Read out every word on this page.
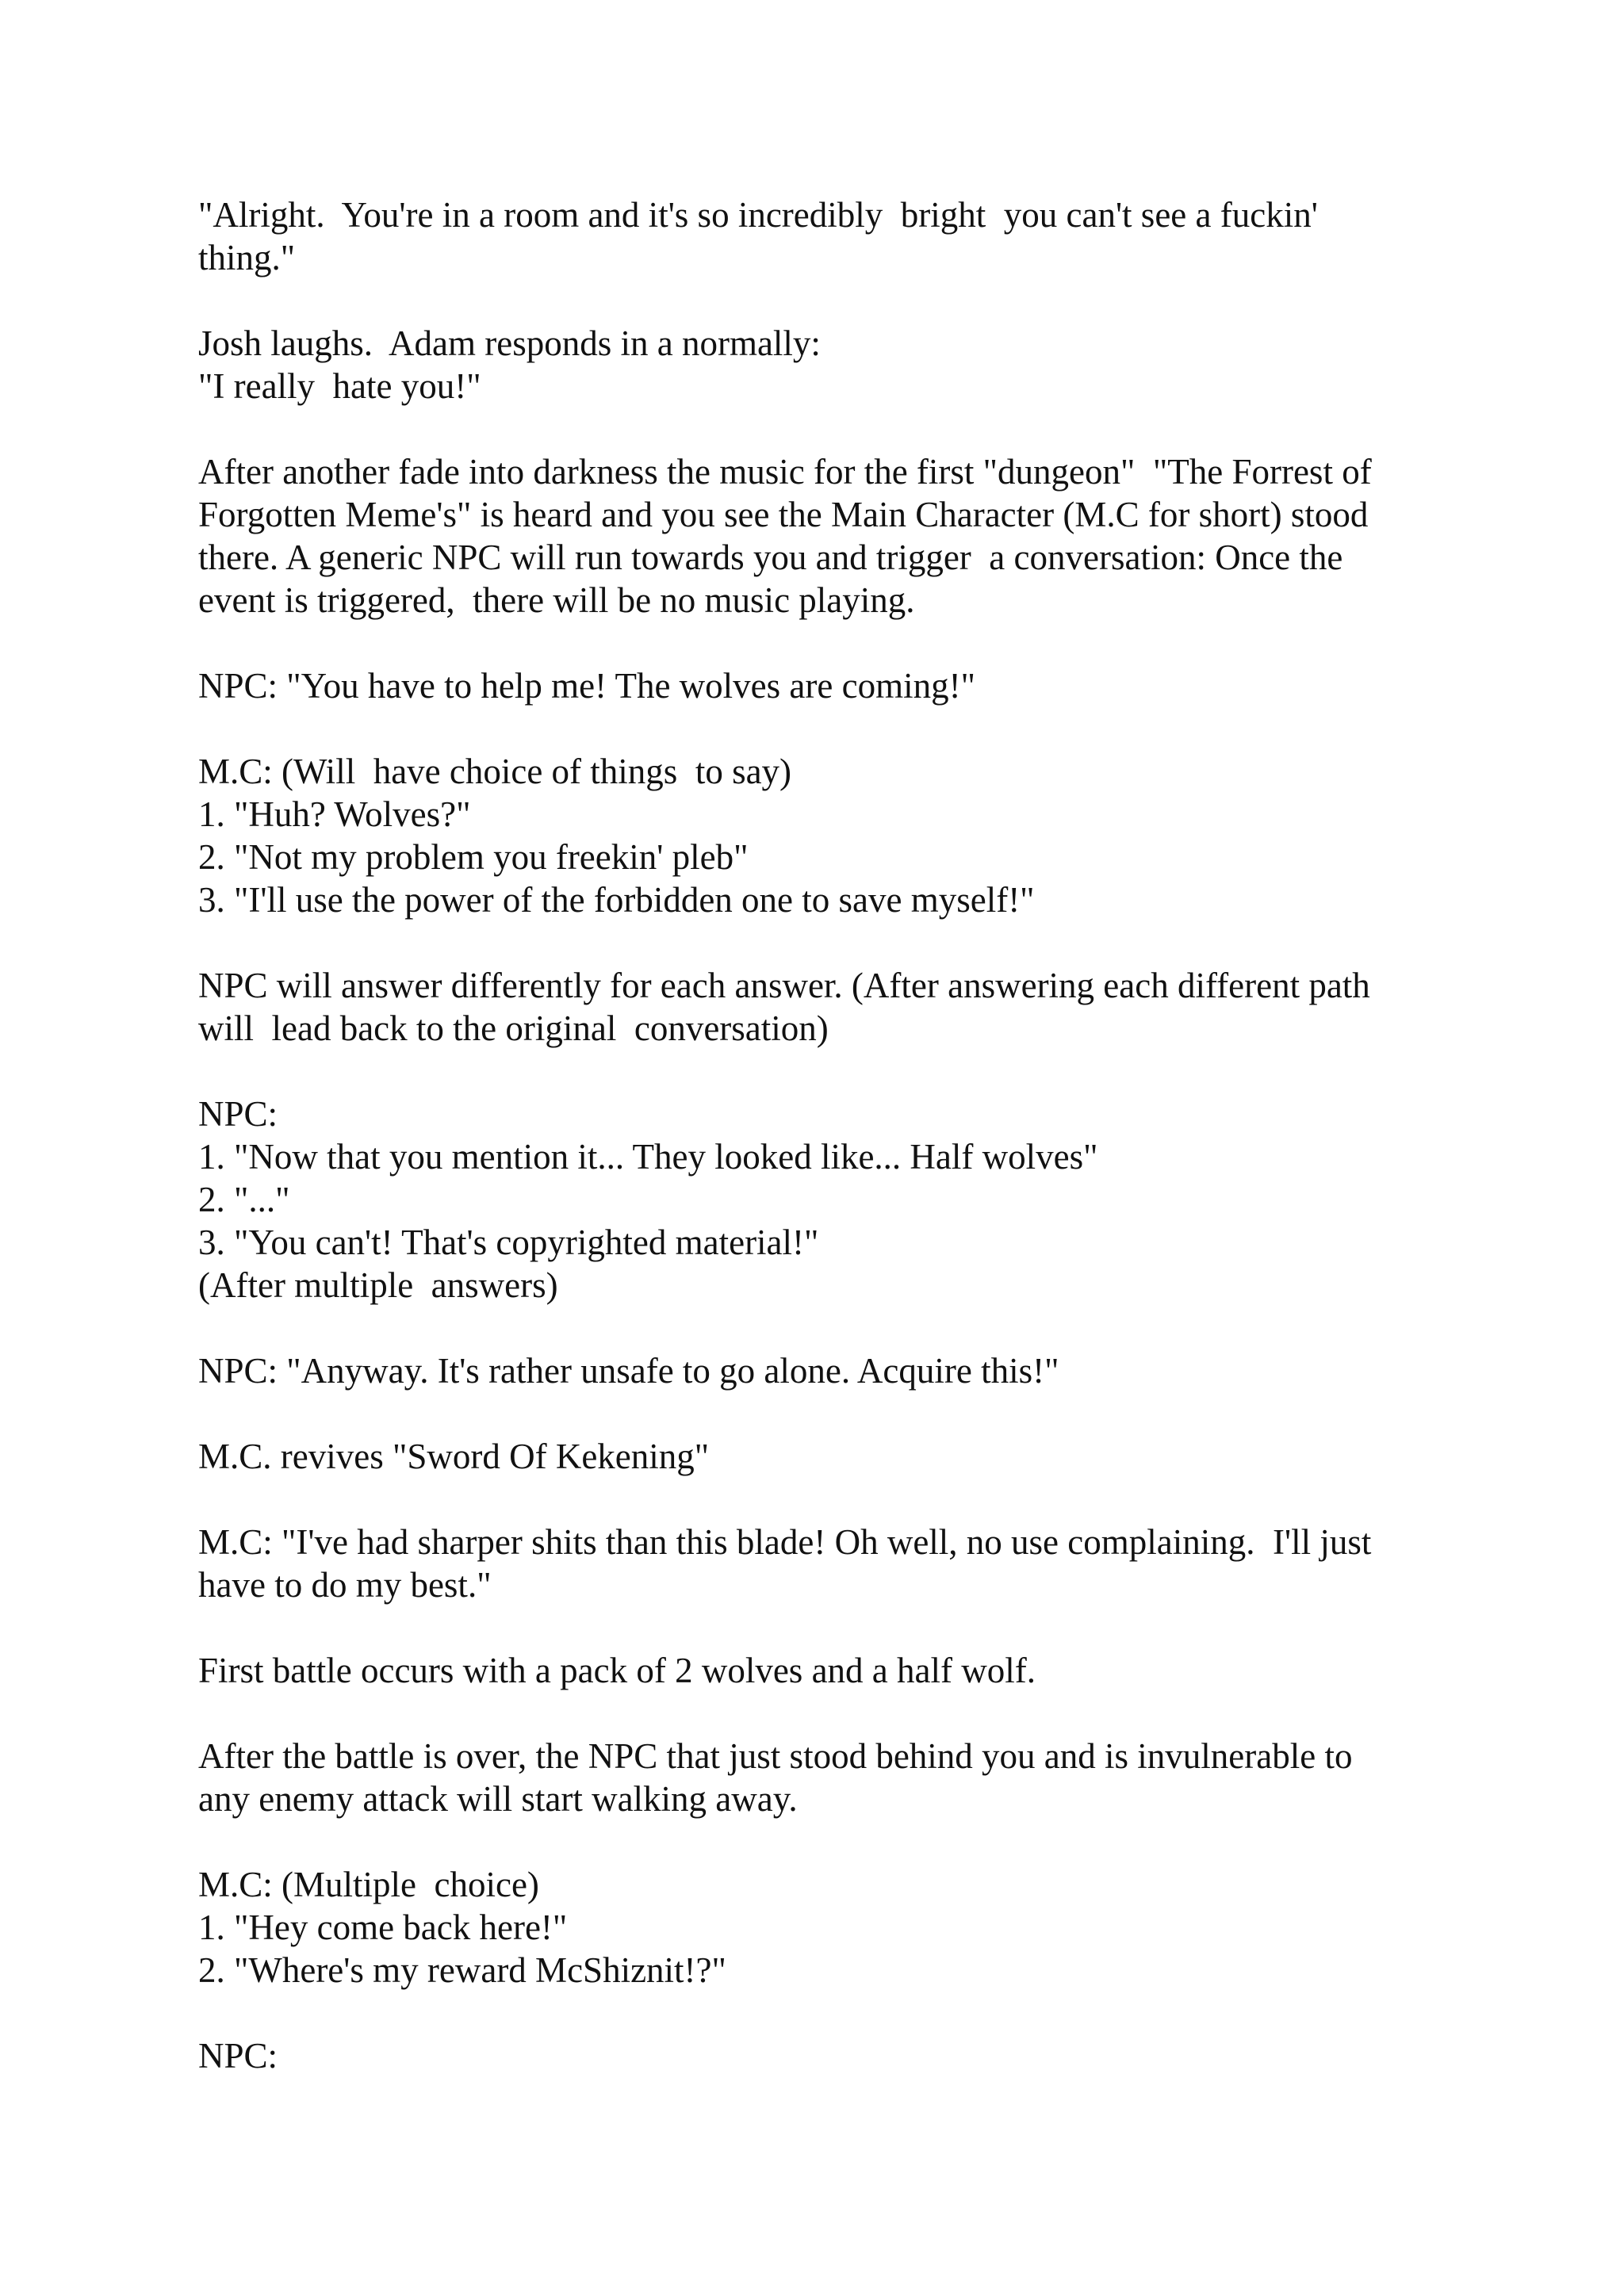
"Alright.  You're in a room and it's so incredibly  bright  you can't see a fuckin'
thing."
Josh laughs.  Adam responds in a normally:
"I really  hate you!"
After another fade into darkness the music for the first "dungeon"  "The Forrest of
Forgotten Meme's" is heard and you see the Main Character (M.C for short) stood
there. A generic NPC will run towards you and trigger  a conversation: Once the
event is triggered,  there will be no music playing.
NPC: "You have to help me! The wolves are coming!"
M.C: (Will  have choice of things  to say)
1. "Huh? Wolves?"
2. "Not my problem you freekin' pleb"
3. "I'll use the power of the forbidden one to save myself!"
NPC will answer differently for each answer. (After answering each different path
will  lead back to the original  conversation)
NPC:
1. "Now that you mention it... They looked like... Half wolves"
2. "..."
3. "You can't! That's copyrighted material!"
(After multiple  answers)
NPC: "Anyway. It's rather unsafe to go alone. Acquire this!"
M.C. revives "Sword Of Kekening"
M.C: "I've had sharper shits than this blade! Oh well, no use complaining.  I'll just
have to do my best."
First battle occurs with a pack of 2 wolves and a half wolf.
After the battle is over, the NPC that just stood behind you and is invulnerable to
any enemy attack will start walking away.
M.C: (Multiple  choice)
1. "Hey come back here!"
2. "Where's my reward McShiznit!?"
NPC:
